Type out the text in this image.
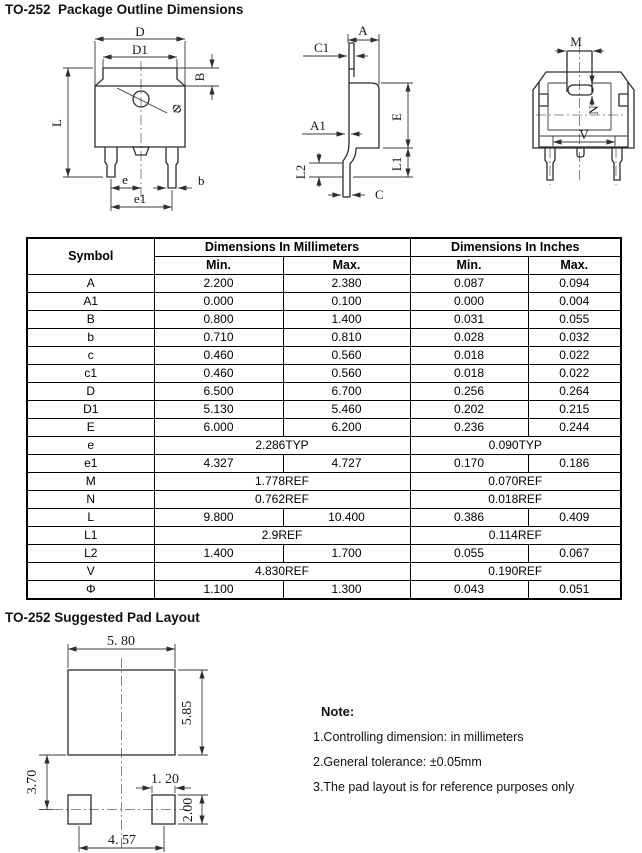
TO-252  Package Outline Dimensions
D
D1
Φ
B
L
e	b
e1
A
C1
A1
L2
E
L1
C
M
N
V
Symbol	Dimensions In Millimeters		Dimensions In Inches	
	Min.	Max.	Min.	Max.
A	2.200	2.380	0.087	0.094
A1	0.000	0.100	0.000	0.004
B	0.800	1.400	0.031	0.055
b	0.710	0.810	0.028	0.032
c	0.460	0.560	0.018	0.022
c1	0.460	0.560	0.018	0.022
D	6.500	6.700	0.256	0.264
D1	5.130	5.460	0.202	0.215
E	6.000	6.200	0.236	0.244
e	2.286TYP		0.090TYP	
e1	4.327	4.727	0.170	0.186
M	1.778REF		0.070REF	
N	0.762REF		0.018REF	
L	9.800	10.400	0.386	0.409
L1	2.9REF		0.114REF	
L2	1.400	1.700	0.055	0.067
V	4.830REF		0.190REF	
Φ	1.100	1.300	0.043	0.051
TO-252 Suggested Pad Layout
5. 80
5.85
3.70	1. 20
2.00
4. 57
Note:
1.Controlling dimension: in millimeters
2.General tolerance: ±0.05mm
3.The pad layout is for reference purposes only
